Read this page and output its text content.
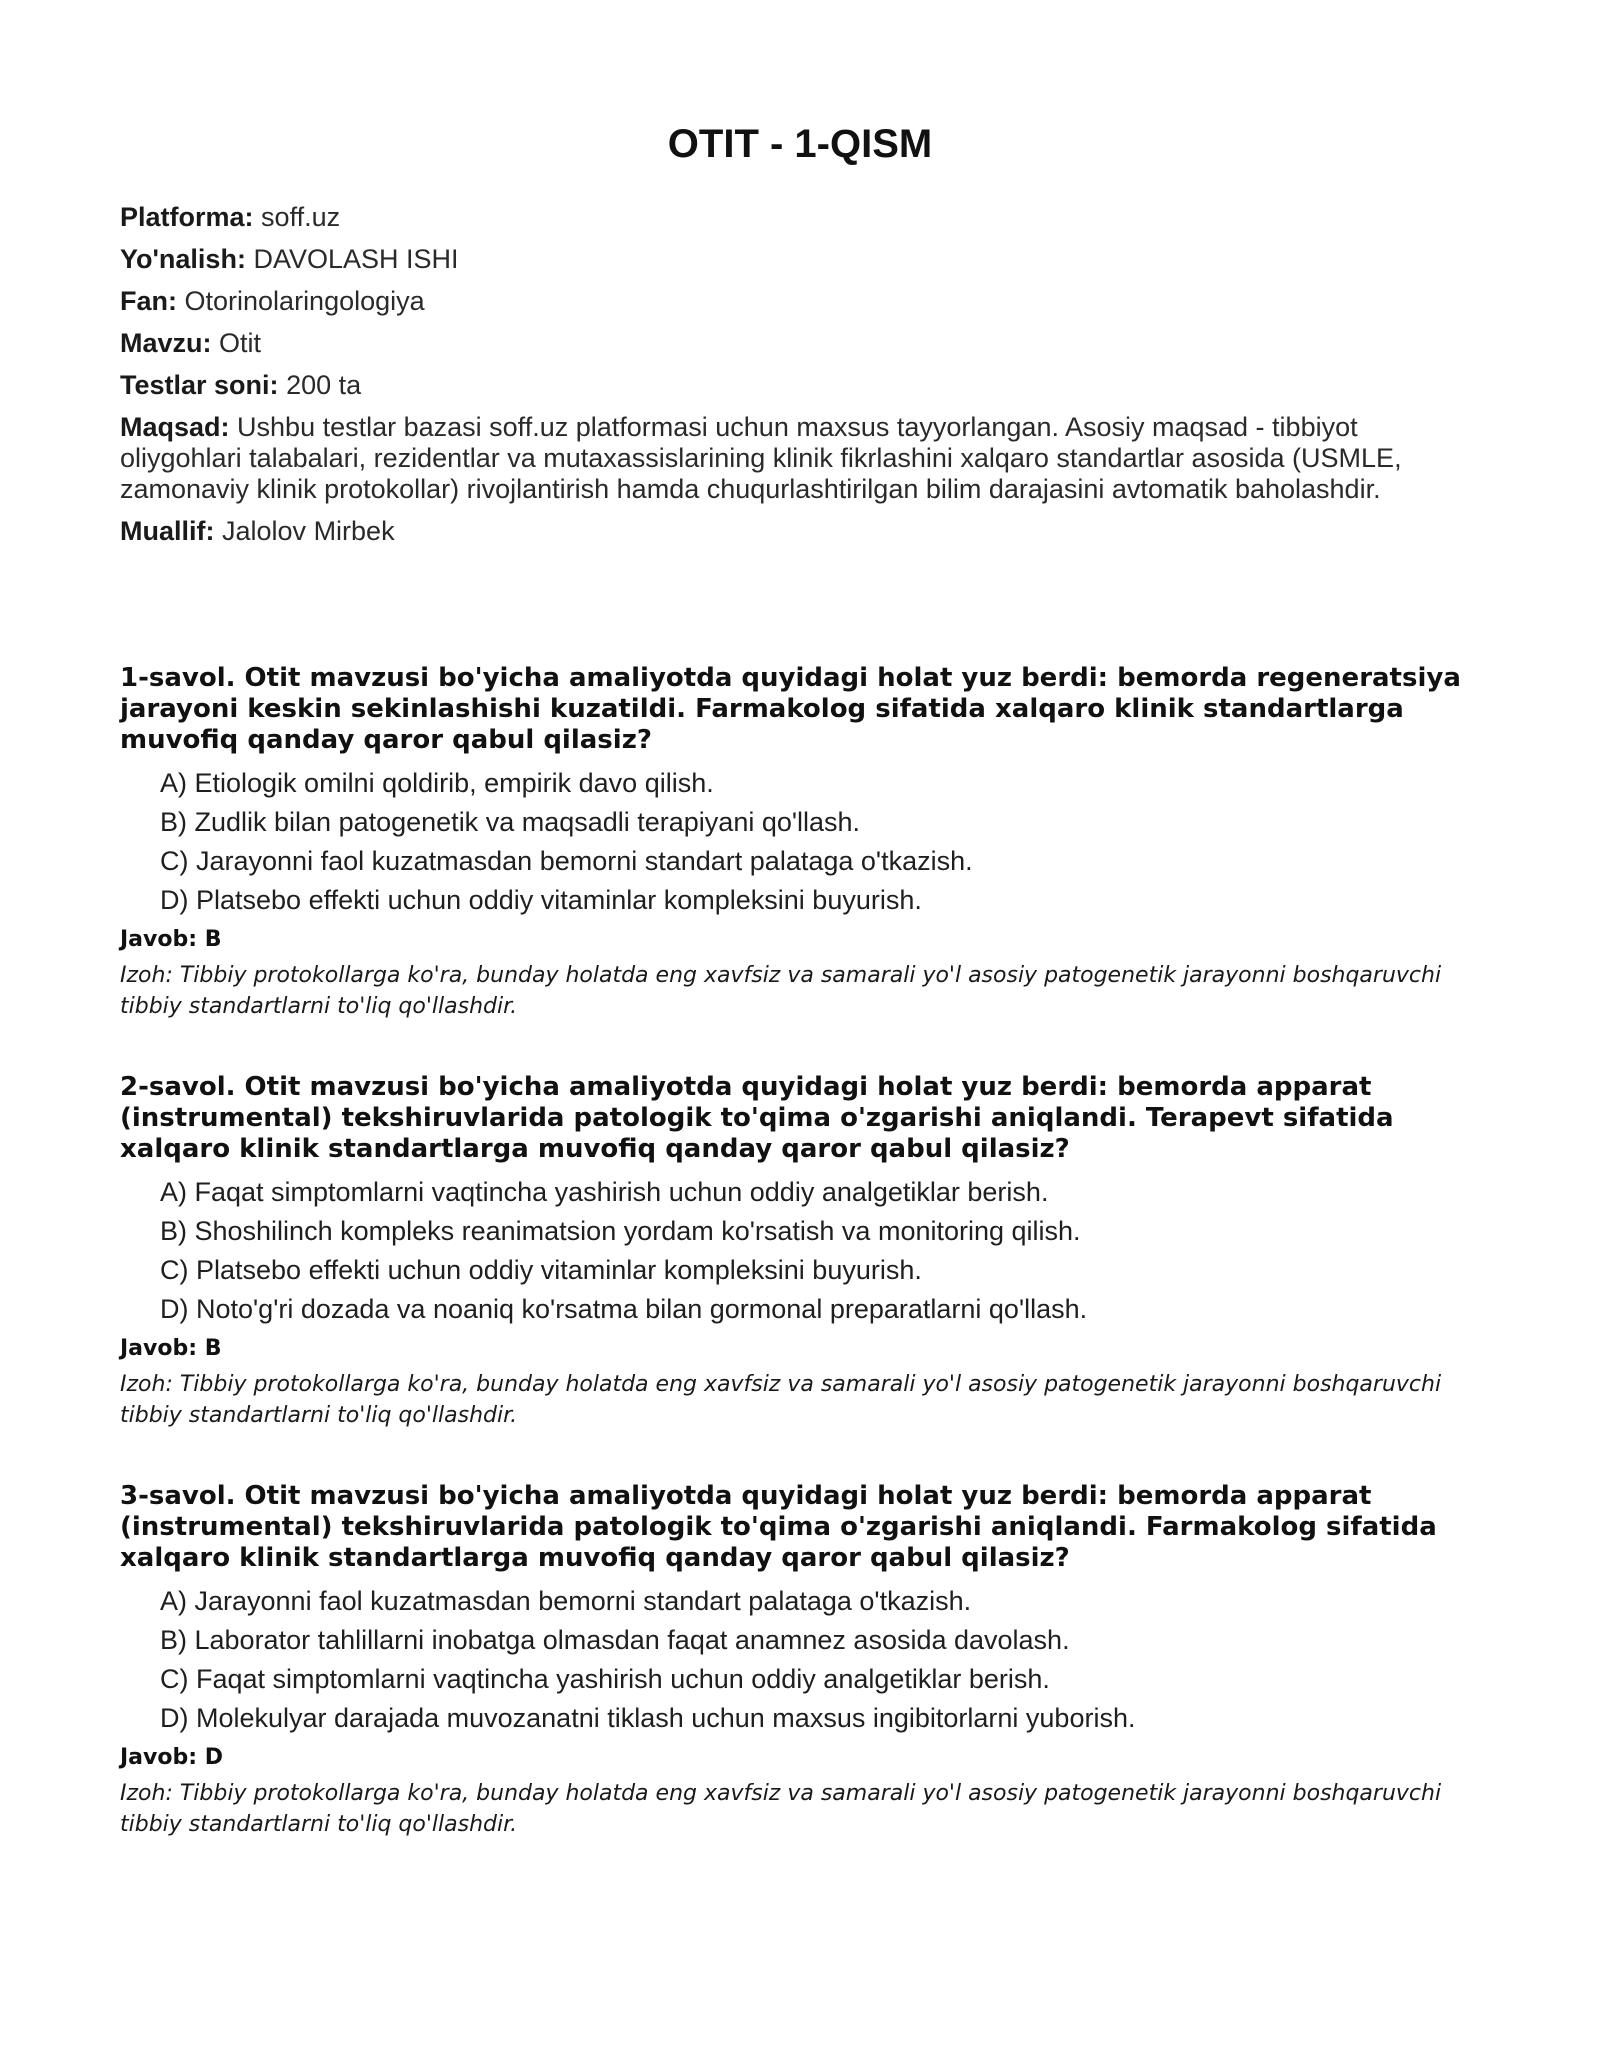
OTIT - 1-QISM
Platforma: soff.uz
Yo'nalish: DAVOLASH ISHI
Fan: Otorinolaringologiya
Mavzu: Otit
Testlar soni: 200 ta
Maqsad: Ushbu testlar bazasi soff.uz platformasi uchun maxsus tayyorlangan. Asosiy maqsad - tibbiyot oliygohlari talabalari, rezidentlar va mutaxassislarining klinik fikrlashini xalqaro standartlar asosida (USMLE, zamonaviy klinik protokollar) rivojlantirish hamda chuqurlashtirilgan bilim darajasini avtomatik baholashdir.
Muallif: Jalolov Mirbek
1-savol. Otit mavzusi bo'yicha amaliyotda quyidagi holat yuz berdi: bemorda regeneratsiya jarayoni keskin sekinlashishi kuzatildi. Farmakolog sifatida xalqaro klinik standartlarga muvofiq qanday qaror qabul qilasiz?
A) Etiologik omilni qoldirib, empirik davo qilish.
B) Zudlik bilan patogenetik va maqsadli terapiyani qo'llash.
C) Jarayonni faol kuzatmasdan bemorni standart palataga o'tkazish.
D) Platsebo effekti uchun oddiy vitaminlar kompleksini buyurish.
Javob: B
Izoh: Tibbiy protokollarga ko'ra, bunday holatda eng xavfsiz va samarali yo'l asosiy patogenetik jarayonni boshqaruvchi tibbiy standartlarni to'liq qo'llashdir.
2-savol. Otit mavzusi bo'yicha amaliyotda quyidagi holat yuz berdi: bemorda apparat (instrumental) tekshiruvlarida patologik to'qima o'zgarishi aniqlandi. Terapevt sifatida xalqaro klinik standartlarga muvofiq qanday qaror qabul qilasiz?
A) Faqat simptomlarni vaqtincha yashirish uchun oddiy analgetiklar berish.
B) Shoshilinch kompleks reanimatsion yordam ko'rsatish va monitoring qilish.
C) Platsebo effekti uchun oddiy vitaminlar kompleksini buyurish.
D) Noto'g'ri dozada va noaniq ko'rsatma bilan gormonal preparatlarni qo'llash.
Javob: B
Izoh: Tibbiy protokollarga ko'ra, bunday holatda eng xavfsiz va samarali yo'l asosiy patogenetik jarayonni boshqaruvchi tibbiy standartlarni to'liq qo'llashdir.
3-savol. Otit mavzusi bo'yicha amaliyotda quyidagi holat yuz berdi: bemorda apparat (instrumental) tekshiruvlarida patologik to'qima o'zgarishi aniqlandi. Farmakolog sifatida xalqaro klinik standartlarga muvofiq qanday qaror qabul qilasiz?
A) Jarayonni faol kuzatmasdan bemorni standart palataga o'tkazish.
B) Laborator tahlillarni inobatga olmasdan faqat anamnez asosida davolash.
C) Faqat simptomlarni vaqtincha yashirish uchun oddiy analgetiklar berish.
D) Molekulyar darajada muvozanatni tiklash uchun maxsus ingibitorlarni yuborish.
Javob: D
Izoh: Tibbiy protokollarga ko'ra, bunday holatda eng xavfsiz va samarali yo'l asosiy patogenetik jarayonni boshqaruvchi tibbiy standartlarni to'liq qo'llashdir.
